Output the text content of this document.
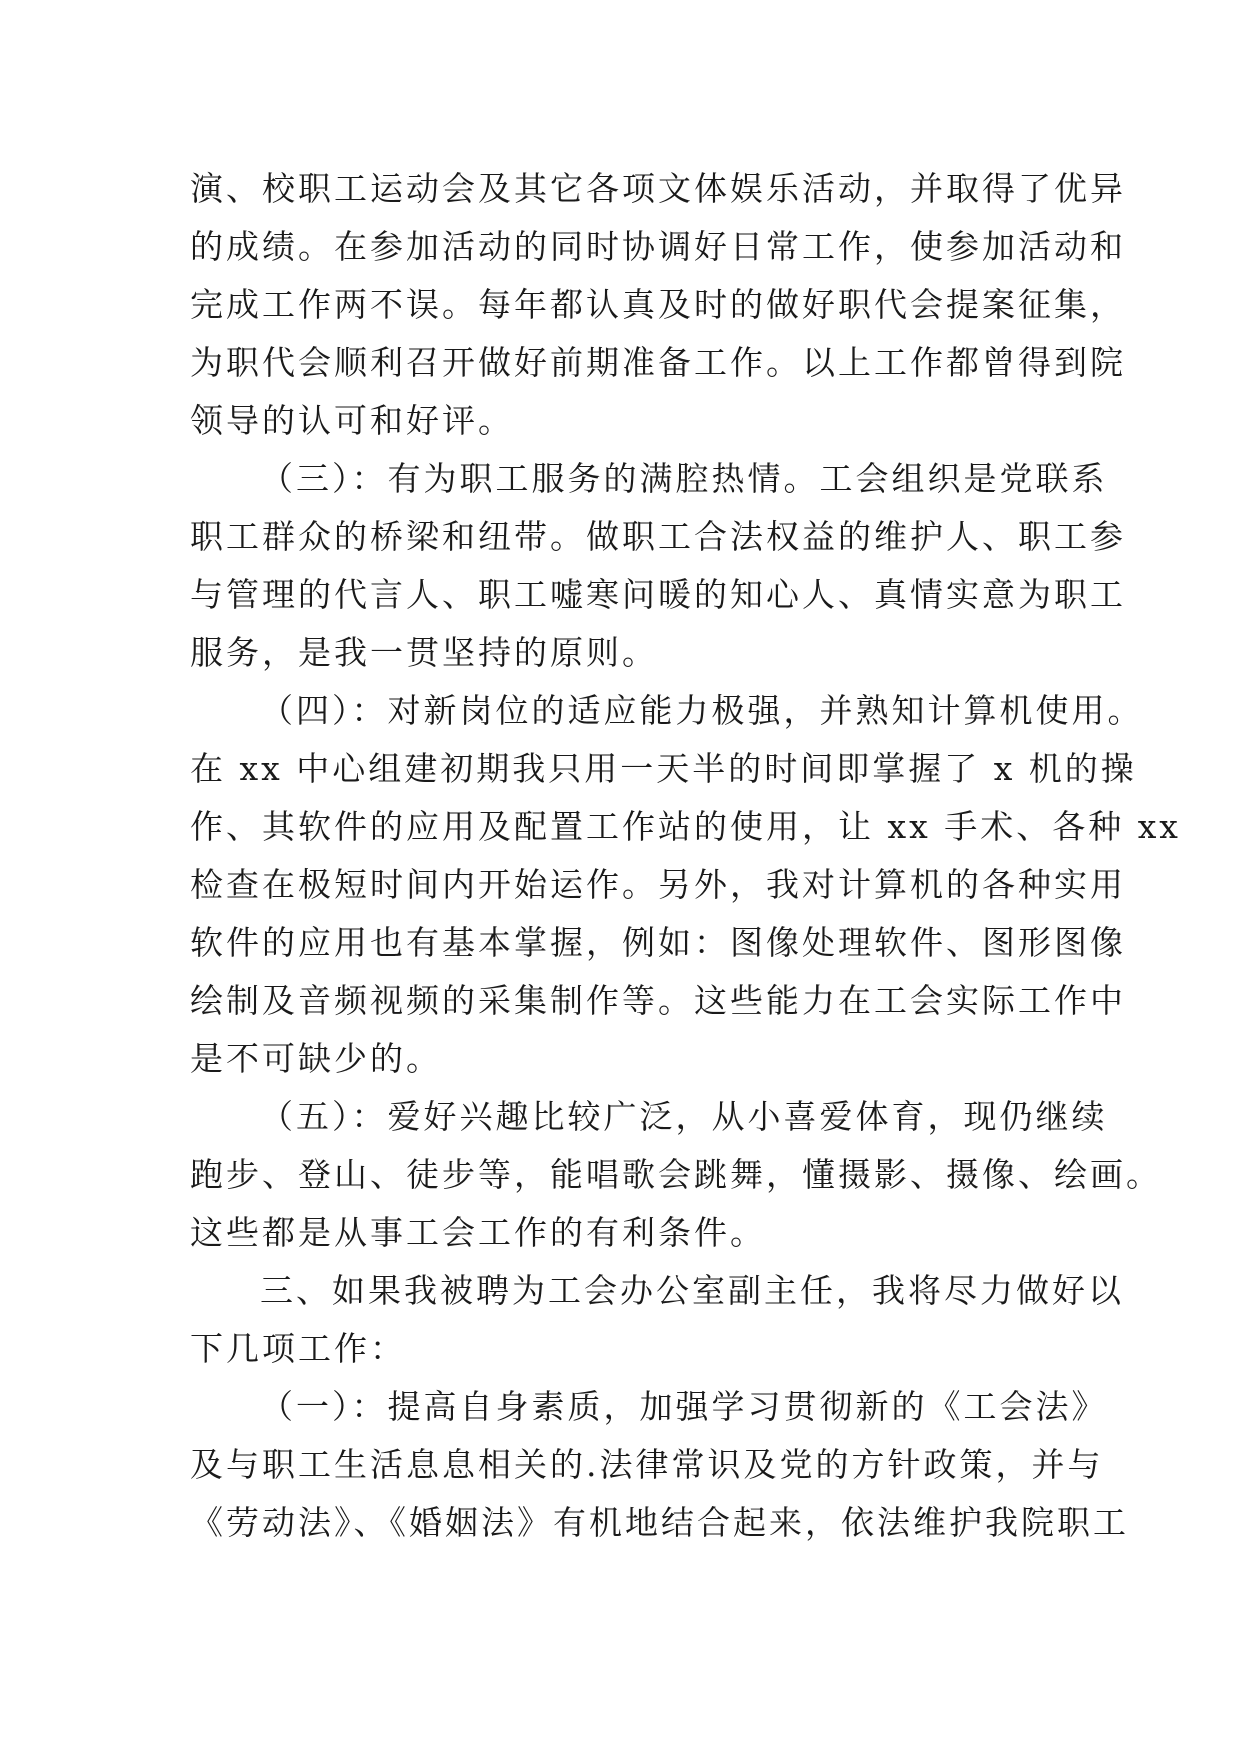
演、校职工运动会及其它各项文体娱乐活动，并取得了优异
的成绩。在参加活动的同时协调好日常工作，使参加活动和
完成工作两不误。每年都认真及时的做好职代会提案征集，
为职代会顺利召开做好前期准备工作。以上工作都曾得到院
领导的认可和好评。
（三）：有为职工服务的满腔热情。工会组织是党联系
职工群众的桥梁和纽带。做职工合法权益的维护人、职工参
与管理的代言人、职工嘘寒问暖的知心人、真情实意为职工
服务，是我一贯坚持的原则。
（四）：对新岗位的适应能力极强，并熟知计算机使用。
在 xx 中心组建初期我只用一天半的时间即掌握了 x 机的操
作、其软件的应用及配置工作站的使用，让 xx 手术、各种 xx
检查在极短时间内开始运作。另外，我对计算机的各种实用
软件的应用也有基本掌握，例如：图像处理软件、图形图像
绘制及音频视频的采集制作等。这些能力在工会实际工作中
是不可缺少的。
（五）：爱好兴趣比较广泛，从小喜爱体育，现仍继续
跑步、登山、徒步等，能唱歌会跳舞，懂摄影、摄像、绘画。
这些都是从事工会工作的有利条件。
三、如果我被聘为工会办公室副主任，我将尽力做好以
下几项工作：
（一）：提高自身素质，加强学习贯彻新的《工会法》
及与职工生活息息相关的.法律常识及党的方针政策，并与
《劳动法》、《婚姻法》有机地结合起来，依法维护我院职工
